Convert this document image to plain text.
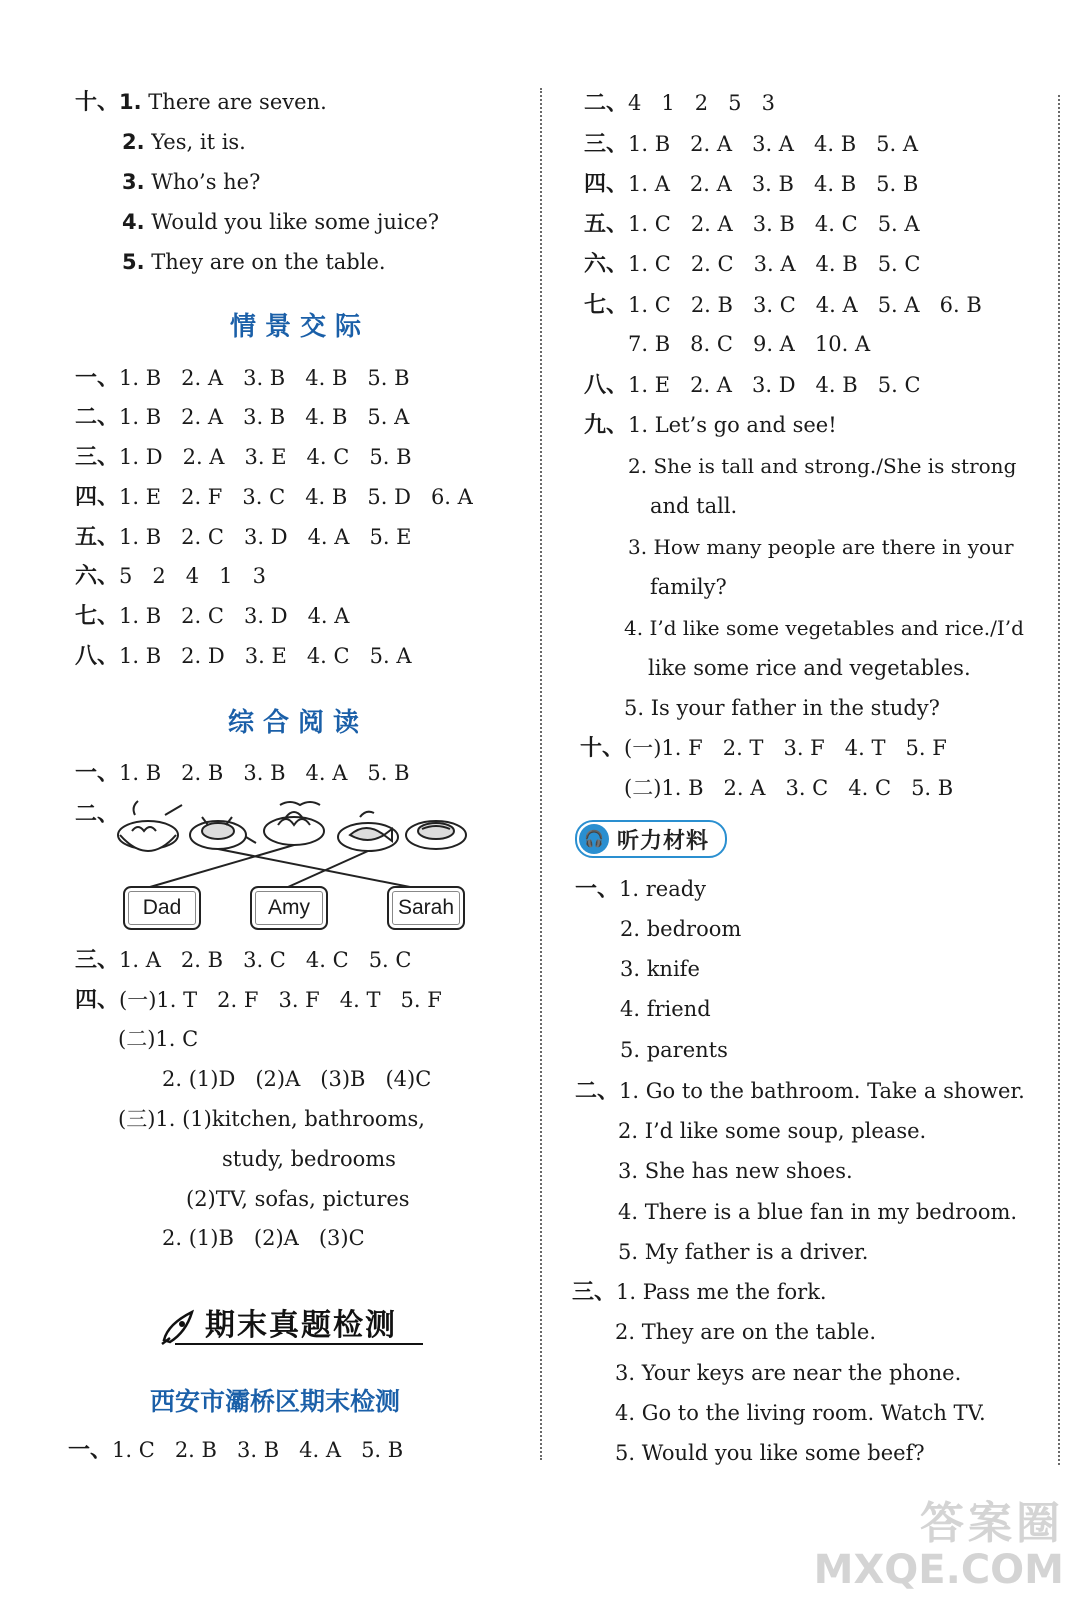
十、1. There are seven.
2. Yes, it is.
3. Who’s he?
4. Would you like some juice?
5. They are on the table.
情景交际
一、1. B   2. A   3. B   4. B   5. B
二、1. B   2. A   3. B   4. B   5. A
三、1. D   2. A   3. E   4. C   5. B
四、1. E   2. F   3. C   4. B   5. D   6. A
五、1. B   2. C   3. D   4. A   5. E
六、5   2   4   1   3
七、1. B   2. C   3. D   4. A
八、1. B   2. D   3. E   4. C   5. A
综合阅读
一、1. B   2. B   3. B   4. A   5. B
二、
Dad	Amy	Sarah
三、1. A   2. B   3. C   4. C   5. C
四、(一)1. T   2. F   3. F   4. T   5. F
(二)1. C
2. (1)D   (2)A   (3)B   (4)C
(三)1. (1)kitchen, bathrooms,
study, bedrooms
(2)TV, sofas, pictures
2. (1)B   (2)A   (3)C
期末真题检测
西安市灞桥区期末检测
一、1. C   2. B   3. B   4. A   5. B
二、4   1   2   5   3
三、1. B   2. A   3. A   4. B   5. A
四、1. A   2. A   3. B   4. B   5. B
五、1. C   2. A   3. B   4. C   5. A
六、1. C   2. C   3. A   4. B   5. C
七、1. C   2. B   3. C   4. A   5. A   6. B
7. B   8. C   9. A   10. A
八、1. E   2. A   3. D   4. B   5. C
九、1. Let’s go and see!
2. She is tall and strong./She is strong
and tall.
3. How many people are there in your
family?
4. I’d like some vegetables and rice./I’d
like some rice and vegetables.
5. Is your father in the study?
十、(一)1. F   2. T   3. F   4. T   5. F
(二)1. B   2. A   3. C   4. C   5. B
🎧 听力材料
一、1. ready
2. bedroom
3. knife
4. friend
5. parents
二、1. Go to the bathroom. Take a shower.
2. I’d like some soup, please.
3. She has new shoes.
4. There is a blue fan in my bedroom.
5. My father is a driver.
三、1. Pass me the fork.
2. They are on the table.
3. Your keys are near the phone.
4. Go to the living room. Watch TV.
5. Would you like some beef?
答案圈
MXQE.COM
